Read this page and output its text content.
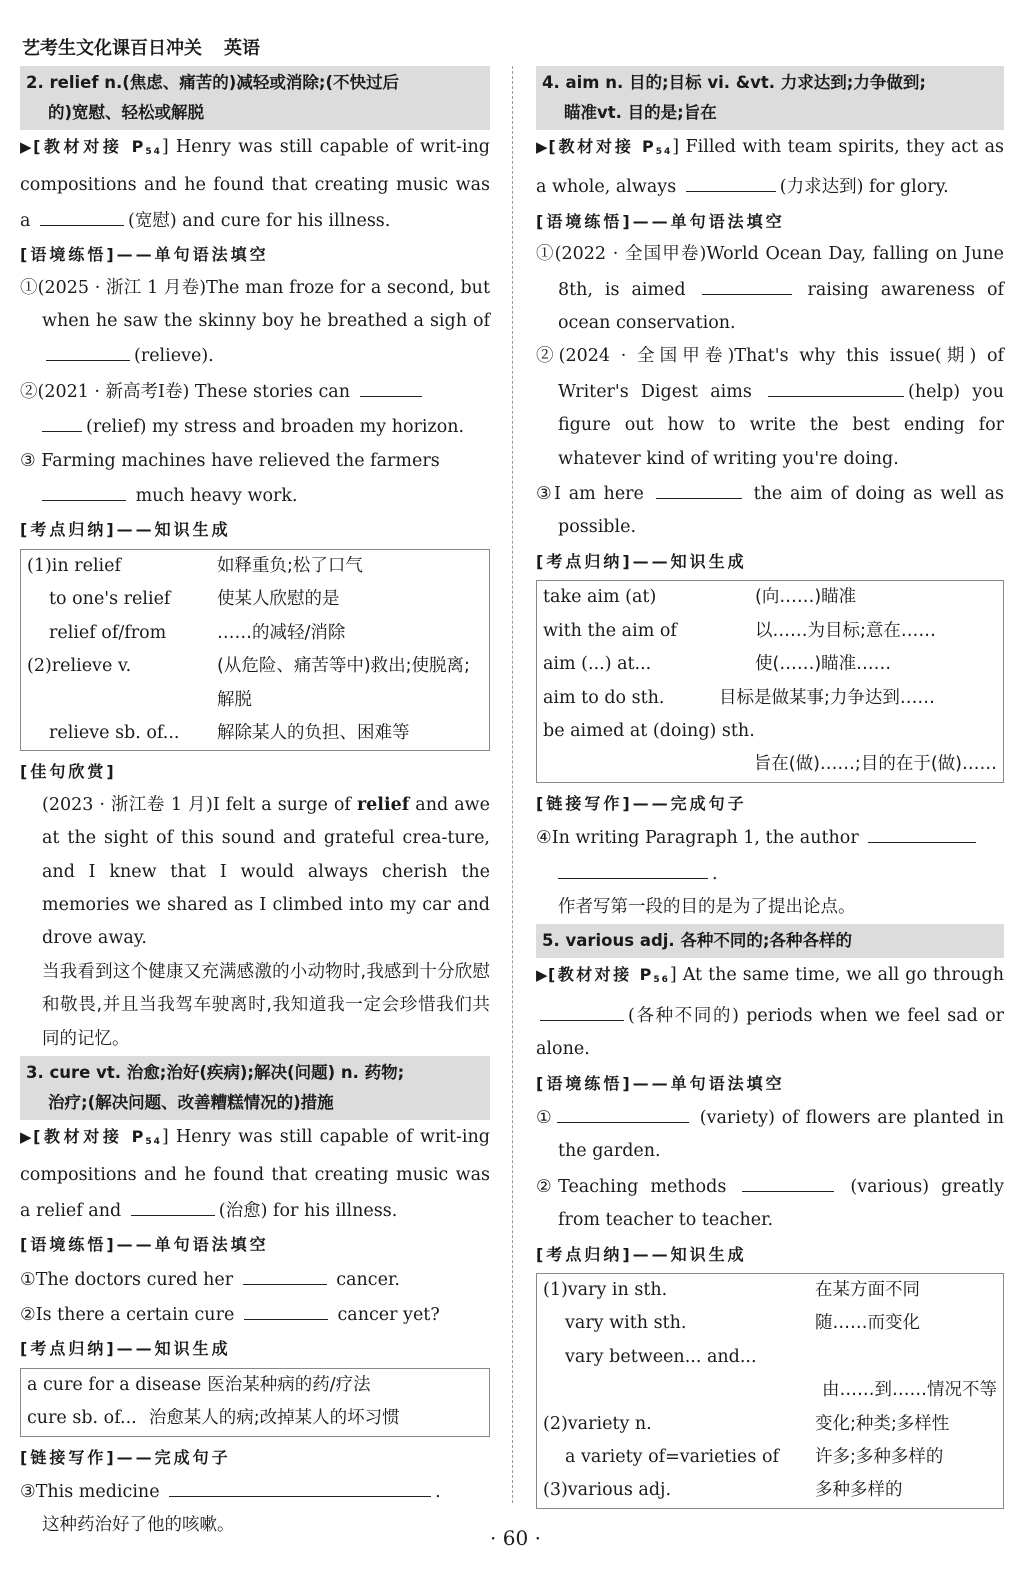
艺考生文化课百日冲关 英语
2. relief n.(焦虑、痛苦的)减轻或消除;(不快过后
的)宽慰、轻松或解脱

▶[教材对接 $P_{54}$] Henry was still capable of writ-ing compositions and he found that creating music was a	(宽慰) and cure for his illness.

[语境练悟]——单句语法填空

①(2025 · 浙江 1 月卷)The man froze for a second, but when he saw the skinny boy he breathed a sigh of (relieve).

②(2021 · 新高考Ⅰ卷) These stories can
(relief) my stress and broaden my horizon.

③ Farming machines have relieved the farmers
much heavy work.

[考点归纳]——知识生成

(1)in relief	如释重负;松了口气
to one's relief	使某人欣慰的是
relief of/from	……的减轻/消除
(2)relieve v.	(从危险、痛苦等中)救出;使脱离;解脱
relieve sb. of...	解除某人的负担、困难等

[佳句欣赏]

(2023 · 浙江卷 1 月)I felt a surge of relief and awe at the sight of this sound and grateful crea-ture, and I knew that I would always cherish the memories we shared as I climbed into my car and drove away.

当我看到这个健康又充满感激的小动物时,我感到十分欣慰和敬畏,并且当我驾车驶离时,我知道我一定会珍惜我们共同的记忆。

3. cure vt. 治愈;治好(疾病);解决(问题) n. 药物;
治疗;(解决问题、改善糟糕情况的)措施

▶[教材对接 $P_{54}$] Henry was still capable of writ-ing compositions and he found that creating music was a relief and	(治愈) for his illness.

[语境练悟]——单句语法填空

①The doctors cured her	cancer.

②Is there a certain cure	cancer yet?

[考点归纳]——知识生成

a cure for a disease 医治某种病的药/疗法
cure sb. of... 治愈某人的病;改掉某人的坏习惯

[链接写作]——完成句子

③This medicine	.

这种药治好了他的咳嗽。

4. aim n. 目的;目标 vi. &vt. 力求达到;力争做到;
瞄准vt. 目的是;旨在

▶[教材对接 $P_{54}$] Filled with team spirits, they act as a whole, always	(力求达到) for glory.

[语境练悟]——单句语法填空

①(2022 · 全国甲卷)World Ocean Day, falling on June 8th, is aimed	raising awareness of ocean conservation.

②(2024 · 全国甲卷)That's why this issue(期) of Writer's Digest aims	(help) you figure out how to write the best ending for whatever kind of writing you're doing.

③I am here	the aim of doing as well as possible.

[考点归纳]——知识生成

take aim (at)	(向……)瞄准
with the aim of	以……为目标;意在……
aim (...) at...	使(……)瞄准……
aim to do sth.	目标是做某事;力争达到……
be aimed at (doing) sth.
旨在(做)……;目的在于(做)……

[链接写作]——完成句子

④In writing Paragraph 1, the author
.

作者写第一段的目的是为了提出论点。

5. various adj. 各种不同的;各种各样的

▶[教材对接 $P_{56}$] At the same time, we all go through (各种不同的) periods when we feel sad or alone.

[语境练悟]——单句语法填空

①	(variety) of flowers are planted in the garden.

②Teaching methods	(various) greatly from teacher to teacher.

[考点归纳]——知识生成

(1)vary in sth.	在某方面不同
vary with sth.	随……而变化
vary between... and...
由……到……情况不等
(2)variety n.	变化;种类;多样性
a variety of=varieties of	许多;多种多样的
(3)various adj.	多种多样的
· 60 ·
